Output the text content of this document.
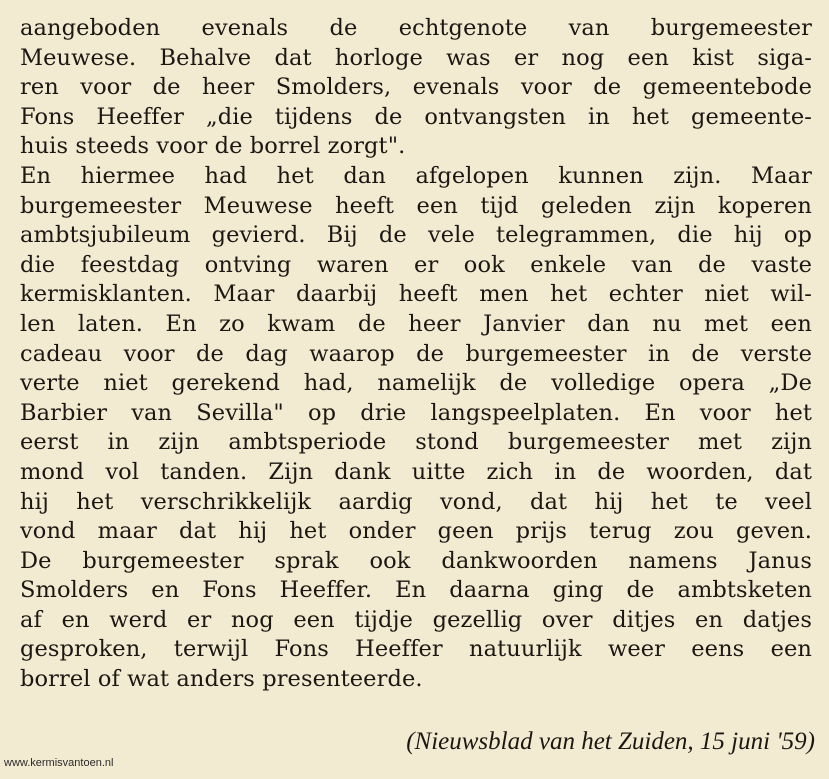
aangeboden evenals de echtgenote van burgemeester
Meuwese. Behalve dat horloge was er nog een kist siga-
ren voor de heer Smolders, evenals voor de gemeentebode
Fons Heeffer „die tijdens de ontvangsten in het gemeente-
huis steeds voor de borrel zorgt".
En hiermee had het dan afgelopen kunnen zijn. Maar
burgemeester Meuwese heeft een tijd geleden zijn koperen
ambtsjubileum gevierd. Bij de vele telegrammen, die hij op
die feestdag ontving waren er ook enkele van de vaste
kermisklanten. Maar daarbij heeft men het echter niet wil-
len laten. En zo kwam de heer Janvier dan nu met een
cadeau voor de dag waarop de burgemeester in de verste
verte niet gerekend had, namelijk de volledige opera „De
Barbier van Sevilla" op drie langspeelplaten. En voor het
eerst in zijn ambtsperiode stond burgemeester met zijn
mond vol tanden. Zijn dank uitte zich in de woorden, dat
hij het verschrikkelijk aardig vond, dat hij het te veel
vond maar dat hij het onder geen prijs terug zou geven.
De burgemeester sprak ook dankwoorden namens Janus
Smolders en Fons Heeffer. En daarna ging de ambtsketen
af en werd er nog een tijdje gezellig over ditjes en datjes
gesproken, terwijl Fons Heeffer natuurlijk weer eens een
borrel of wat anders presenteerde.
(Nieuwsblad van het Zuiden, 15 juni '59)
www.kermisvantoen.nl
